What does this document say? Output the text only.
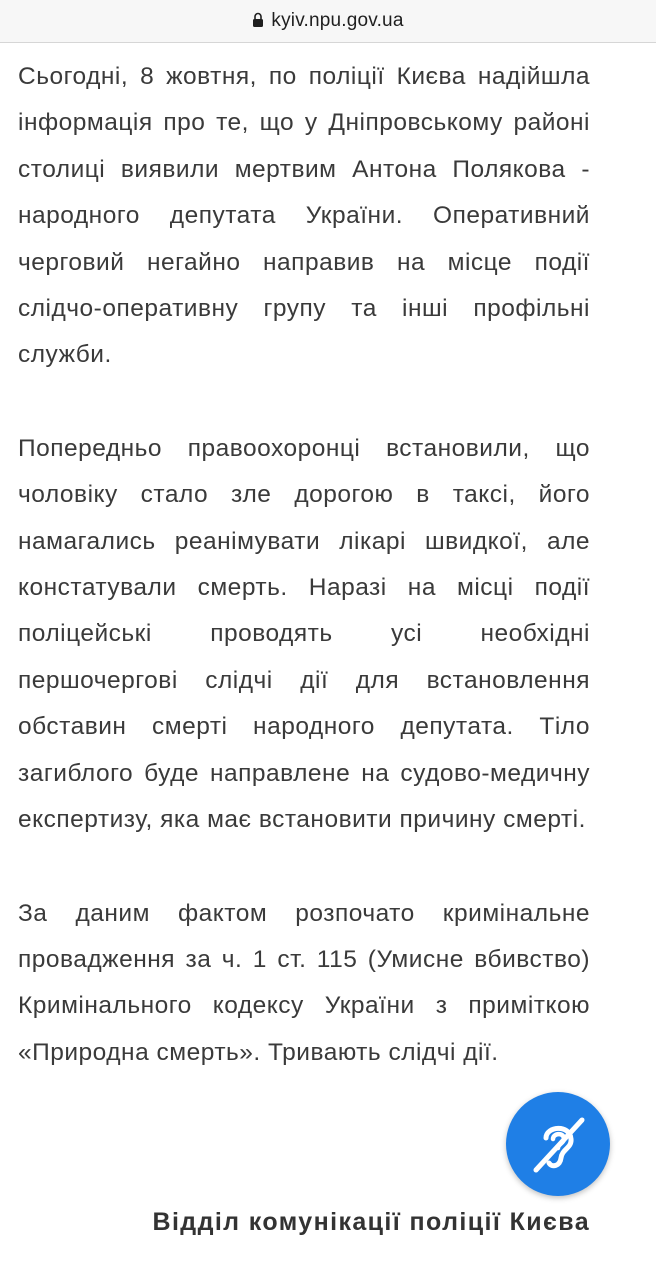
kyiv.npu.gov.ua

Сьогодні, 8 жовтня, по поліції Києва надійшла інформація про те, що у Дніпровському районі столиці виявили мертвим Антона Полякова - народного депутата України. Оперативний черговий негайно направив на місце події слідчо-оперативну групу та інші профільні служби.

Попередньо правоохоронці встановили, що чоловіку стало зле дорогою в таксі, його намагались реанімувати лікарі швидкої, але констатували смерть. Наразі на місці події поліцейські проводять усі необхідні першочергові слідчі дії для встановлення обставин смерті народного депутата. Тіло загиблого буде направлене на судово-медичну експертизу, яка має встановити причину смерті.

За даним фактом розпочато кримінальне провадження за ч. 1 ст. 115 (Умисне вбивство) Кримінального кодексу України з приміткою «Природна смерть». Тривають слідчі дії.

Відділ комунікації поліції Києва
